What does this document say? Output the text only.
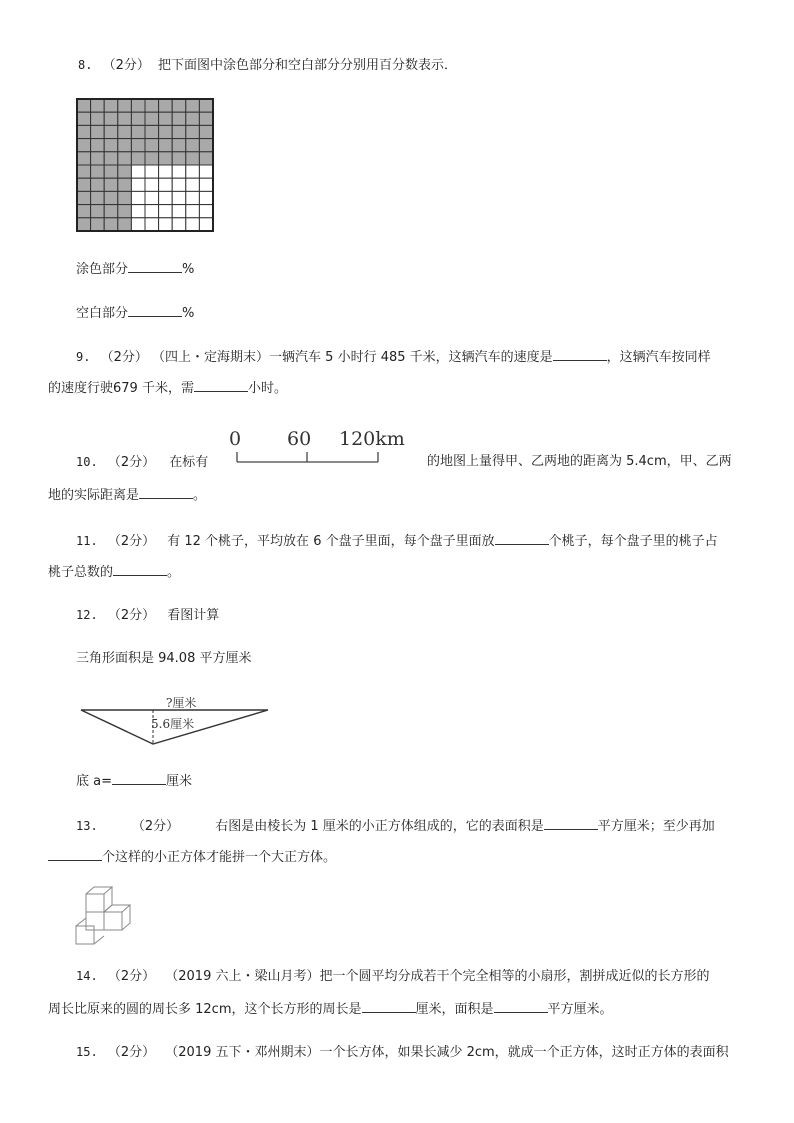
8. （2分） 把下面图中涂色部分和空白部分分别用百分数表示．
涂色部分	%
空白部分	%
9. （2分） （四上・定海期末）一辆汽车 5 小时行 485 千米，这辆汽车的速度是	，这辆汽车按同样
的速度行驶679 千米，需	小时。
0 60 120km
10. （2分） 在标有	的地图上量得甲、乙两地的距离为 5.4cm，甲、乙两
地的实际距离是	。
11. （2分） 有 12 个桃子，平均放在 6 个盘子里面，每个盘子里面放	个桃子，每个盘子里的桃子占
桃子总数的	。
12. （2分） 看图计算
三角形面积是 94.08 平方厘米
?厘米
5.6厘米
底 a=	厘米
13.	（2分）	右图是由棱长为 1 厘米的小正方体组成的，它的表面积是	平方厘米；至少再加
个这样的小正方体才能拼一个大正方体。
14. （2分） （2019 六上・梁山月考）把一个圆平均分成若干个完全相等的小扇形，割拼成近似的长方形的
周长比原来的圆的周长多 12cm，这个长方形的周长是	厘米，面积是	平方厘米。
15. （2分） （2019 五下・邓州期末）一个长方体，如果长减少 2cm，就成一个正方体，这时正方体的表面积
